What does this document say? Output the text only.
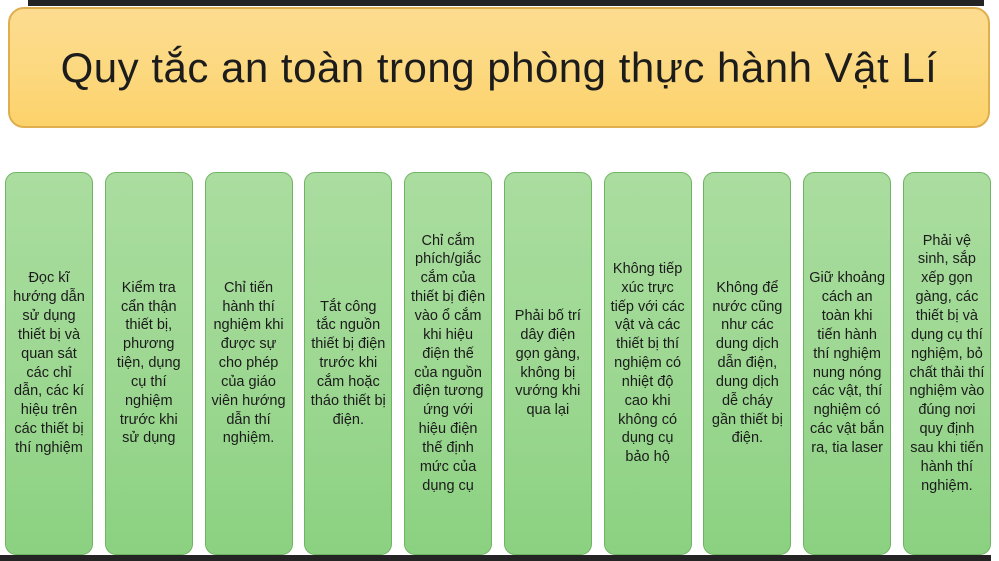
Quy tắc an toàn trong phòng thực hành Vật Lí
Đọc kĩ hướng dẫn sử dụng thiết bị và quan sát các chỉ dẫn, các kí hiệu trên các thiết bị thí nghiệm
Kiểm tra cẩn thận thiết bị, phương tiện, dụng cụ thí nghiệm trước khi sử dụng
Chỉ tiến hành thí nghiệm khi được sự cho phép của giáo viên hướng dẫn thí nghiệm.
Tắt công tắc nguồn thiết bị điện trước khi cắm hoặc tháo thiết bị điện.
Chỉ cắm phích/giắc cắm của thiết bị điện vào ổ cắm khi hiệu điện thế của nguồn điện tương ứng với hiệu điện thế định mức của dụng cụ
Phải bố trí dây điện gọn gàng, không bị vướng khi qua lại
Không tiếp xúc trực tiếp với các vật và các thiết bị thí nghiệm có nhiệt độ cao khi không có dụng cụ bảo hộ
Không để nước cũng như các dung dịch dẫn điện, dung dịch dễ cháy gần thiết bị điện.
Giữ khoảng cách an toàn khi tiến hành thí nghiệm nung nóng các vật, thí nghiệm có các vật bắn ra, tia laser
Phải vệ sinh, sắp xếp gọn gàng, các thiết bị và dụng cụ thí nghiệm, bỏ chất thải thí nghiệm vào đúng nơi quy định sau khi tiến hành thí nghiệm.
